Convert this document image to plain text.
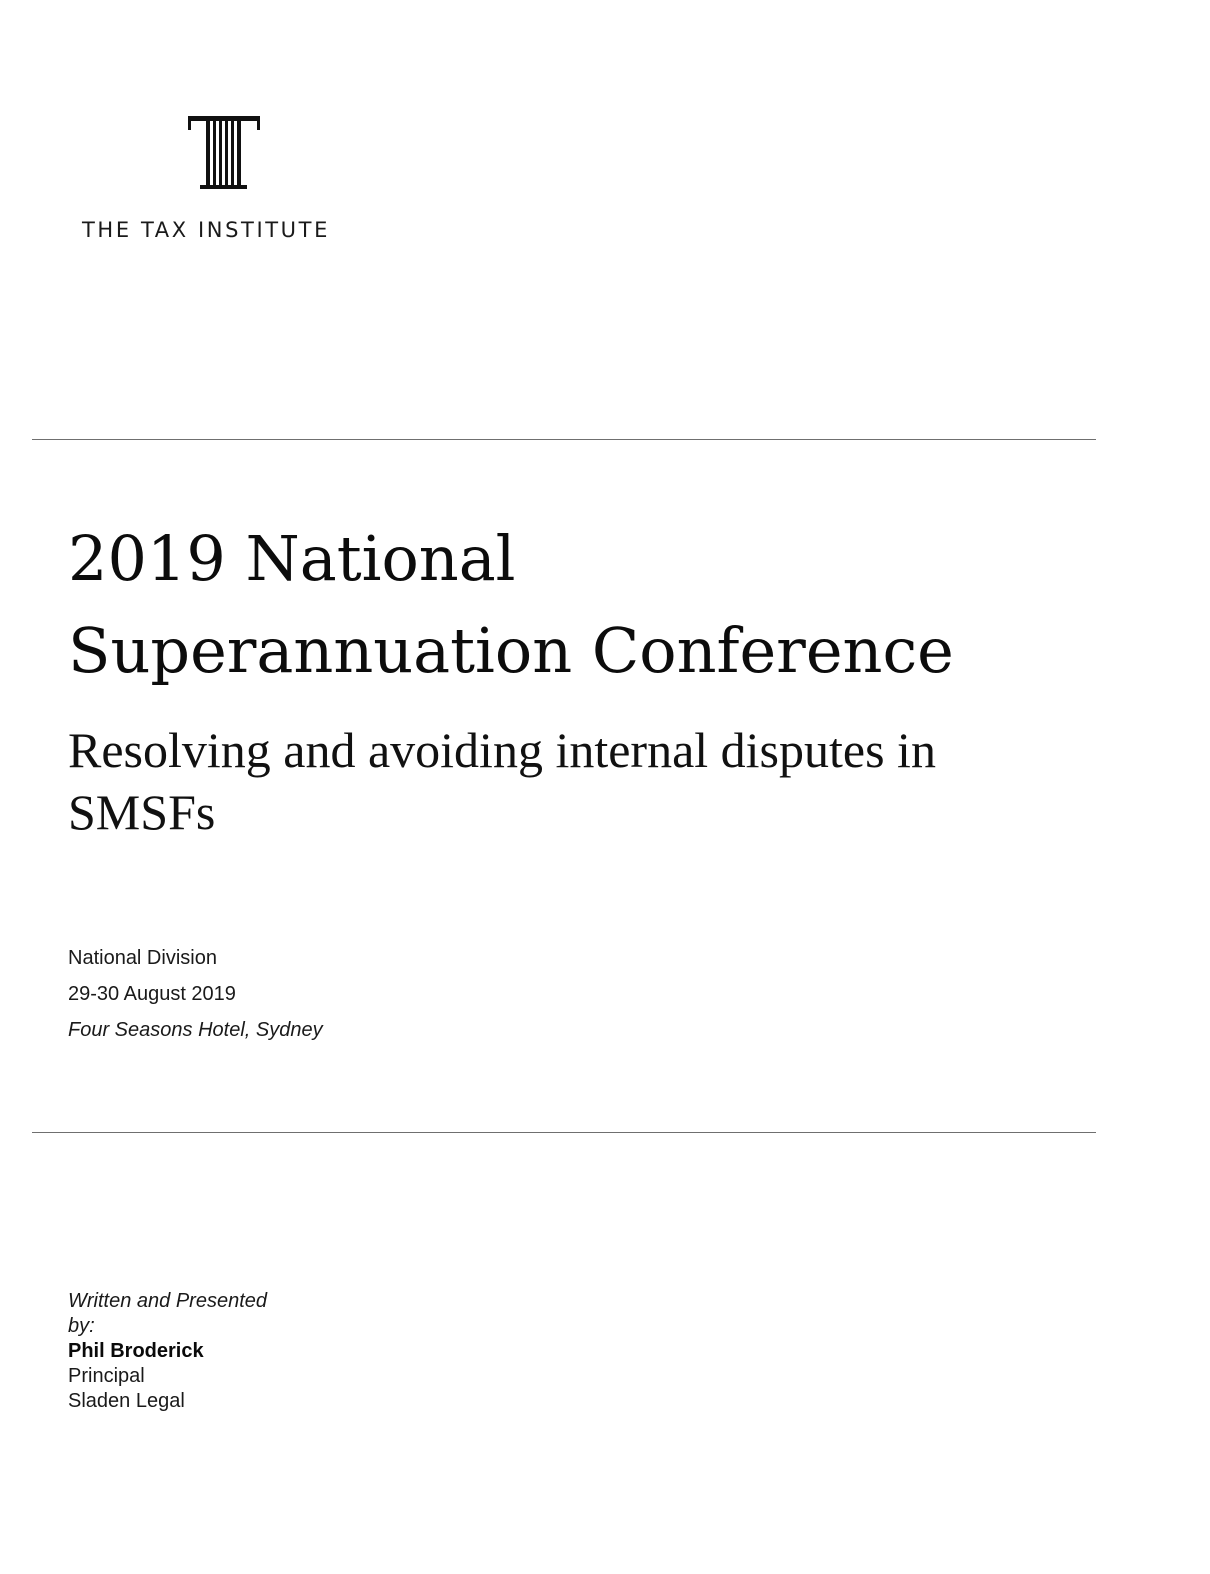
THE TAX INSTITUTE
2019 National
Superannuation Conference
Resolving and avoiding internal disputes in
SMSFs
National Division
29-30 August 2019
Four Seasons Hotel, Sydney
Written and Presented
by:
Phil Broderick
Principal
Sladen Legal
